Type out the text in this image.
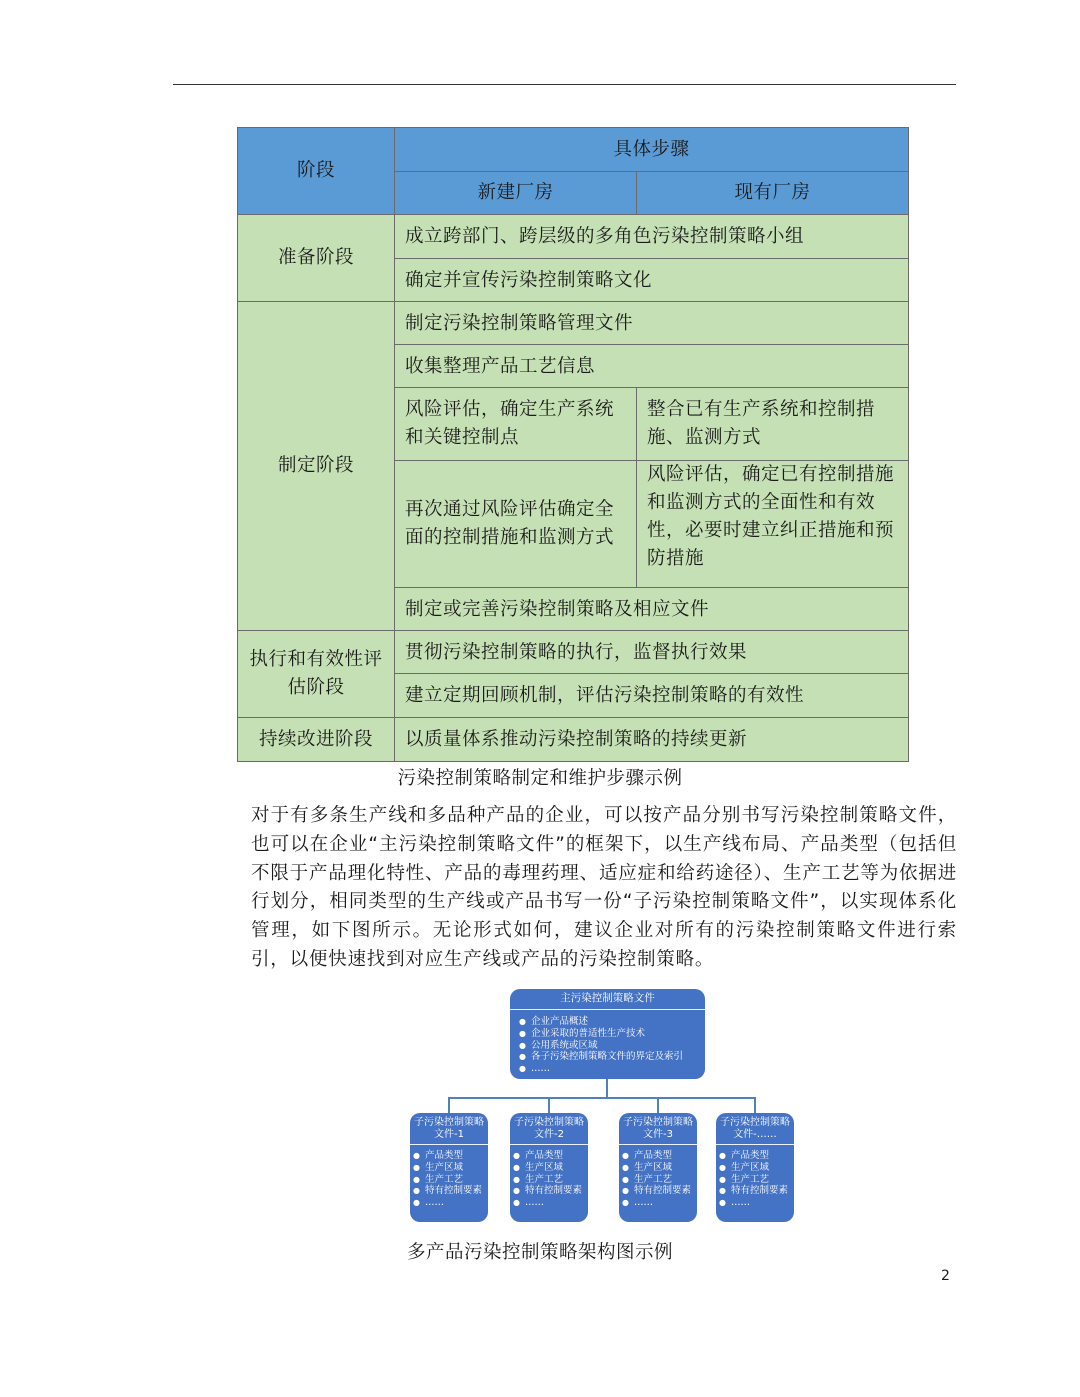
阶段
具体步骤
新建厂房	现有厂房
准备阶段
制定阶段
执行和有效性评估阶段
持续改进阶段
成立跨部门、跨层级的多角色污染控制策略小组
确定并宣传污染控制策略文化
制定污染控制策略管理文件
收集整理产品工艺信息
风险评估，确定生产系统和关键控制点
整合已有生产系统和控制措施、监测方式
再次通过风险评估确定全面的控制措施和监测方式
风险评估，确定已有控制措施和监测方式的全面性和有效性，必要时建立纠正措施和预防措施
制定或完善污染控制策略及相应文件
贯彻污染控制策略的执行，监督执行效果
建立定期回顾机制，评估污染控制策略的有效性
以质量体系推动污染控制策略的持续更新
污染控制策略制定和维护步骤示例
对于有多条生产线和多品种产品的企业，可以按产品分别书写污染控制策略文件，也可以在企业“主污染控制策略文件”的框架下，以生产线布局、产品类型（包括但不限于产品理化特性、产品的毒理药理、适应症和给药途径）、生产工艺等为依据进行划分，相同类型的生产线或产品书写一份“子污染控制策略文件”，以实现体系化管理，如下图所示。无论形式如何，建议企业对所有的污染控制策略文件进行索引，以便快速找到对应生产线或产品的污染控制策略。
主污染控制策略文件
● 企业产品概述
● 企业采取的普适性生产技术
● 公用系统或区域
● 各子污染控制策略文件的界定及索引
● ……
子污染控制策略
文件-1
● 产品类型
● 生产区域
● 生产工艺
● 特有控制要素
● ……
子污染控制策略
文件-2
● 产品类型
● 生产区域
● 生产工艺
● 特有控制要素
● ……
子污染控制策略
文件-3
● 产品类型
● 生产区域
● 生产工艺
● 特有控制要素
● ……
子污染控制策略
文件-……
● 产品类型
● 生产区域
● 生产工艺
● 特有控制要素
● ……
多产品污染控制策略架构图示例
2
